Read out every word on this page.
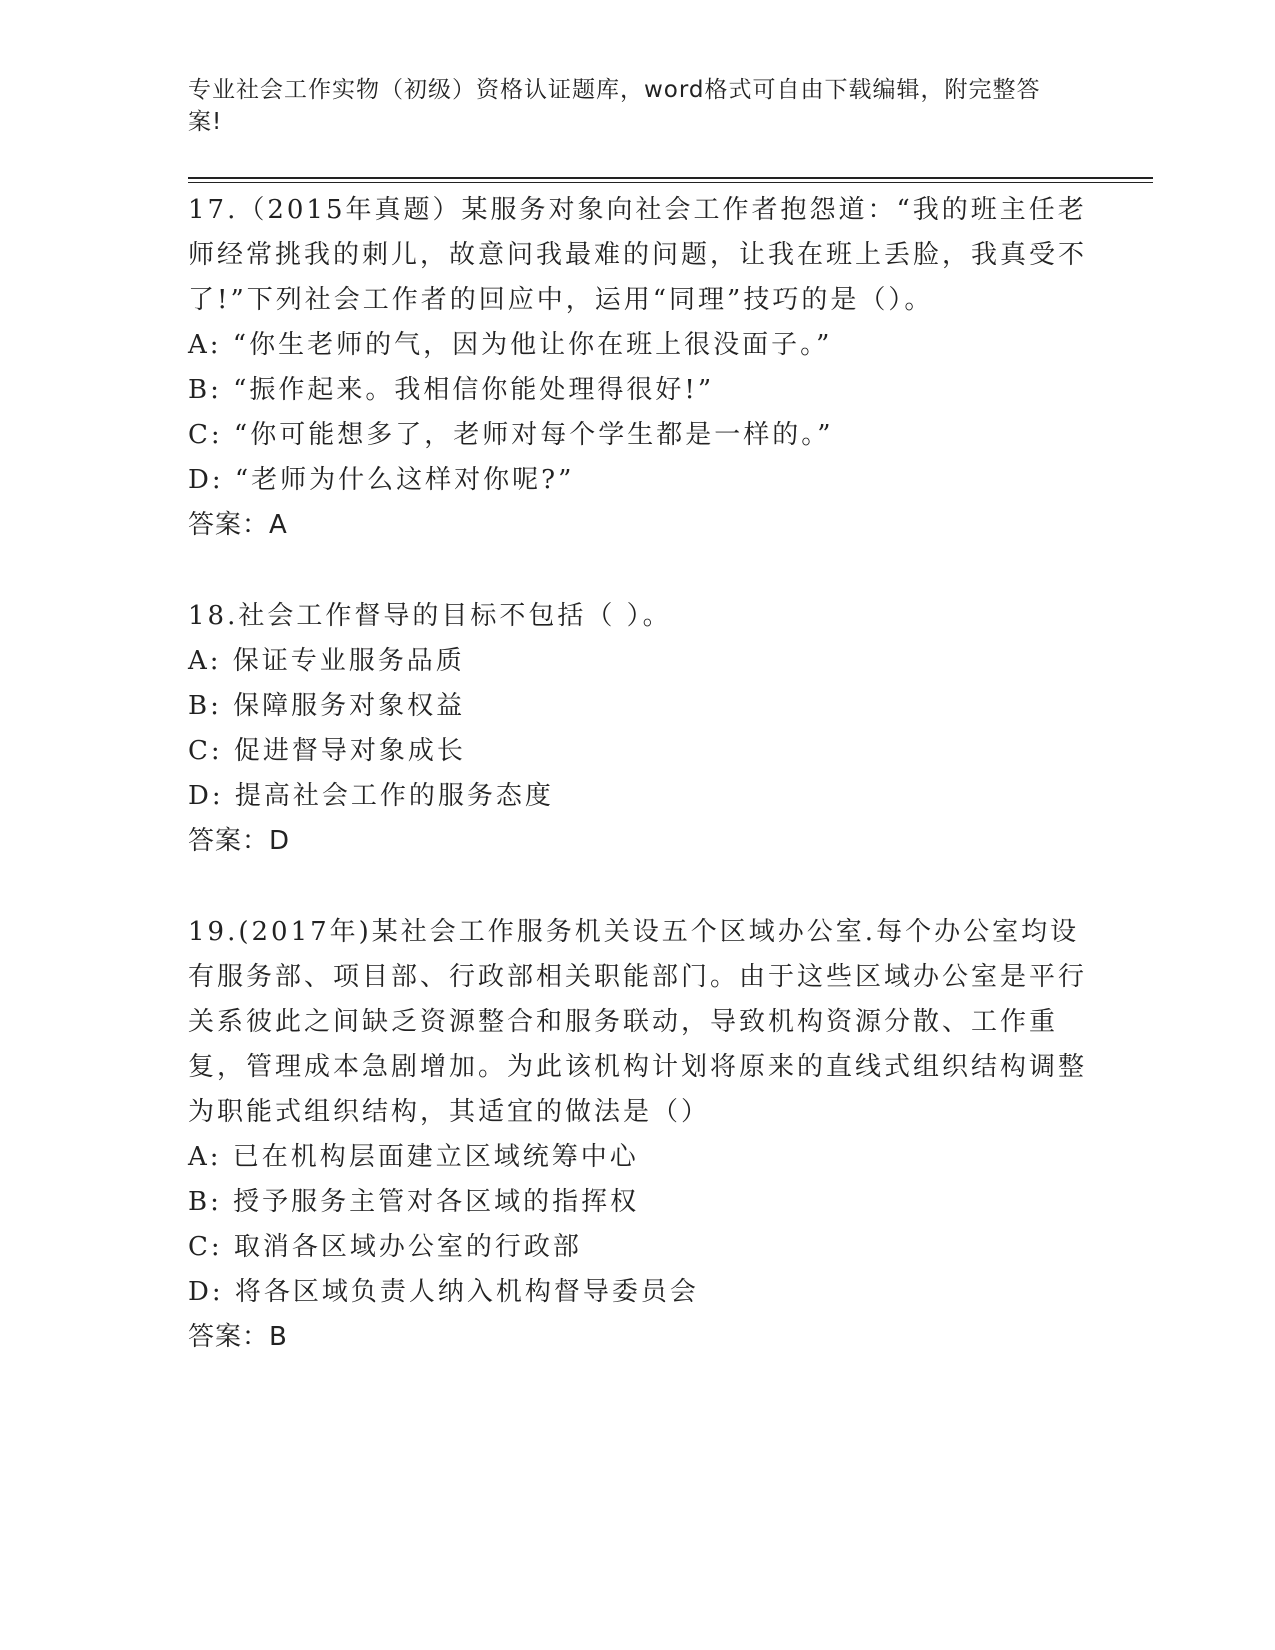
专业社会工作实物（初级）资格认证题库，word格式可自由下载编辑，附完整答案!

17.（2015年真题）某服务对象向社会工作者抱怨道：“我的班主任老师经常挑我的刺儿，故意问我最难的问题，让我在班上丢脸，我真受不了!”下列社会工作者的回应中，运用“同理”技巧的是（）。

A: “你生老师的气，因为他让你在班上很没面子。”

B: “振作起来。我相信你能处理得很好!”

C: “你可能想多了，老师对每个学生都是一样的。”

D: “老师为什么这样对你呢?”

答案：A

18.社会工作督导的目标不包括（ ）。

A: 保证专业服务品质

B: 保障服务对象权益

C: 促进督导对象成长

D: 提高社会工作的服务态度

答案：D

19.(2017年)某社会工作服务机关设五个区域办公室.每个办公室均设有服务部、项目部、行政部相关职能部门。由于这些区域办公室是平行关系彼此之间缺乏资源整合和服务联动，导致机构资源分散、工作重复，管理成本急剧增加。为此该机构计划将原来的直线式组织结构调整为职能式组织结构，其适宜的做法是（）

A: 已在机构层面建立区域统筹中心

B: 授予服务主管对各区域的指挥权

C: 取消各区域办公室的行政部

D: 将各区域负责人纳入机构督导委员会

答案：B
